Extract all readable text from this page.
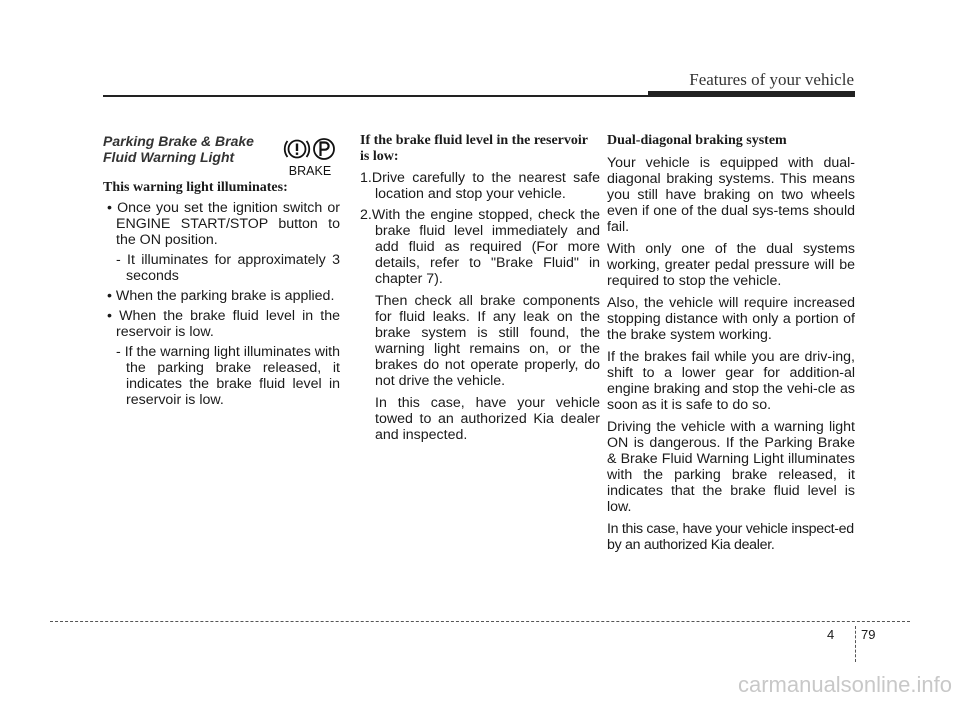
Features of your vehicle
BRAKE

Parking Brake & Brake Fluid Warning Light

This warning light illuminates:

• Once you set the ignition switch or ENGINE START/STOP button to the ON position.

- It illuminates for approximately 3 seconds

• When the parking brake is applied.

• When the brake fluid level in the reservoir is low.

- If the warning light illuminates with the parking brake released, it indicates the brake fluid level in reservoir is low.

If the brake fluid level in the reservoir is low:

1.Drive carefully to the nearest safe location and stop your vehicle.

2.With the engine stopped, check the brake fluid level immediately and add fluid as required (For more details, refer to "Brake Fluid" in chapter 7).

Then check all brake components for fluid leaks. If any leak on the brake system is still found, the warning light remains on, or the brakes do not operate properly, do not drive the vehicle.

In this case, have your vehicle towed to an authorized Kia dealer and inspected.

Dual-diagonal braking system

Your vehicle is equipped with dual-diagonal braking systems. This means you still have braking on two wheels even if one of the dual sys-tems should fail.

With only one of the dual systems working, greater pedal pressure will be required to stop the vehicle.

Also, the vehicle will require increased stopping distance with only a portion of the brake system working.

If the brakes fail while you are driv-ing, shift to a lower gear for addition-al engine braking and stop the vehi-cle as soon as it is safe to do so.

Driving the vehicle with a warning light ON is dangerous. If the Parking Brake & Brake Fluid Warning Light illuminates with the parking brake released, it indicates that the brake fluid level is low.

In this case, have your vehicle inspect-ed by an authorized Kia dealer.

4 79
carmanualsonline.info
